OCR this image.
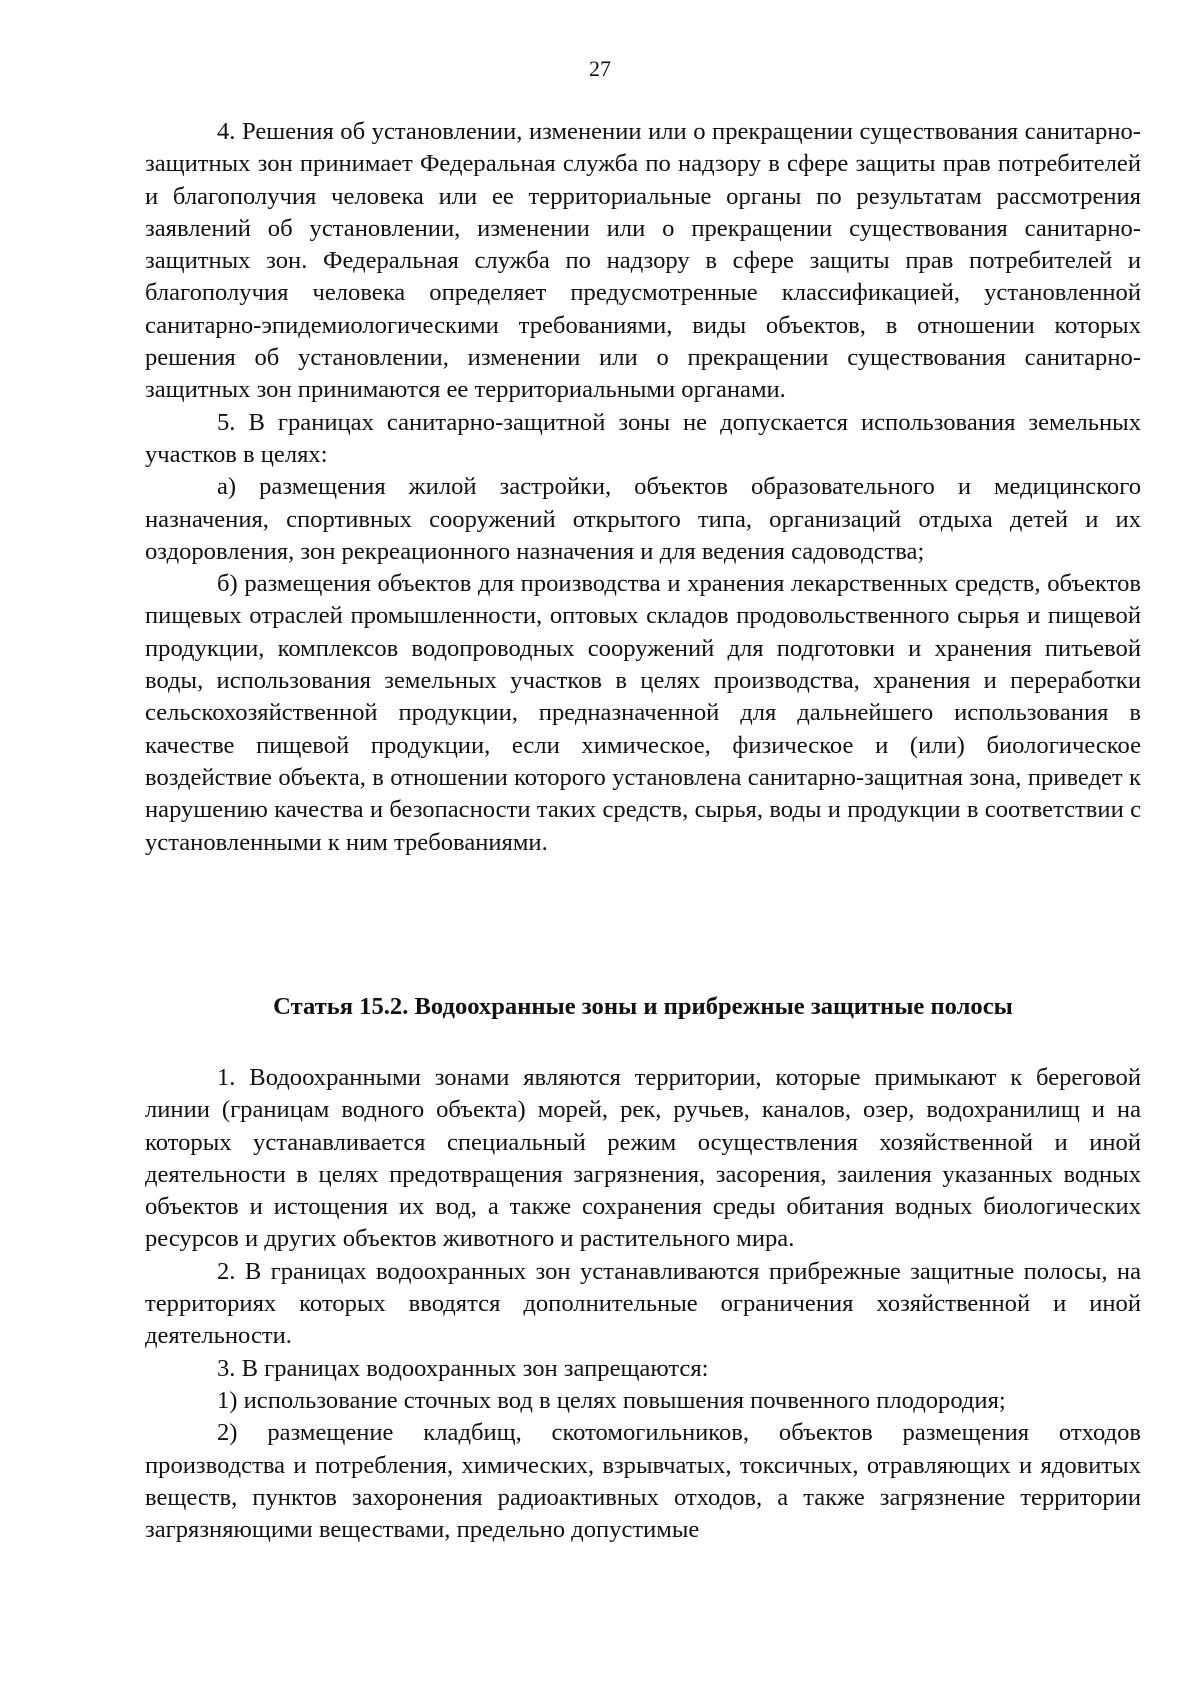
27

4. Решения об установлении, изменении или о прекращении существования санитарно-защитных зон принимает Федеральная служба по надзору в сфере защиты прав потребителей и благополучия человека или ее территориальные органы по результатам рассмотрения заявлений об установлении, изменении или о прекращении существования санитарно-защитных зон. Федеральная служба по надзору в сфере защиты прав потребителей и благополучия человека определяет предусмотренные классификацией, установленной санитарно-эпидемиологическими требованиями, виды объектов, в отношении которых решения об установлении, изменении или о прекращении существования санитарно-защитных зон принимаются ее территориальными органами.

5. В границах санитарно-защитной зоны не допускается использования земельных участков в целях:

а) размещения жилой застройки, объектов образовательного и медицинского назначения, спортивных сооружений открытого типа, организаций отдыха детей и их оздоровления, зон рекреационного назначения и для ведения садоводства;

б) размещения объектов для производства и хранения лекарственных средств, объектов пищевых отраслей промышленности, оптовых складов продовольственного сырья и пищевой продукции, комплексов водопроводных сооружений для подготовки и хранения питьевой воды, использования земельных участков в целях производства, хранения и переработки сельскохозяйственной продукции, предназначенной для дальнейшего использования в качестве пищевой продукции, если химическое, физическое и (или) биологическое воздействие объекта, в отношении которого установлена санитарно-защитная зона, приведет к нарушению качества и безопасности таких средств, сырья, воды и продукции в соответствии с установленными к ним требованиями.

Статья 15.2. Водоохранные зоны и прибрежные защитные полосы

1. Водоохранными зонами являются территории, которые примыкают к береговой линии (границам водного объекта) морей, рек, ручьев, каналов, озер, водохранилищ и на которых устанавливается специальный режим осуществления хозяйственной и иной деятельности в целях предотвращения загрязнения, засорения, заиления указанных водных объектов и истощения их вод, а также сохранения среды обитания водных биологических ресурсов и других объектов животного и растительного мира.

2. В границах водоохранных зон устанавливаются прибрежные защитные полосы, на территориях которых вводятся дополнительные ограничения хозяйственной и иной деятельности.

3. В границах водоохранных зон запрещаются:

1) использование сточных вод в целях повышения почвенного плодородия;

2) размещение кладбищ, скотомогильников, объектов размещения отходов производства и потребления, химических, взрывчатых, токсичных, отравляющих и ядовитых веществ, пунктов захоронения радиоактивных отходов, а также загрязнение территории загрязняющими веществами, предельно допустимые
